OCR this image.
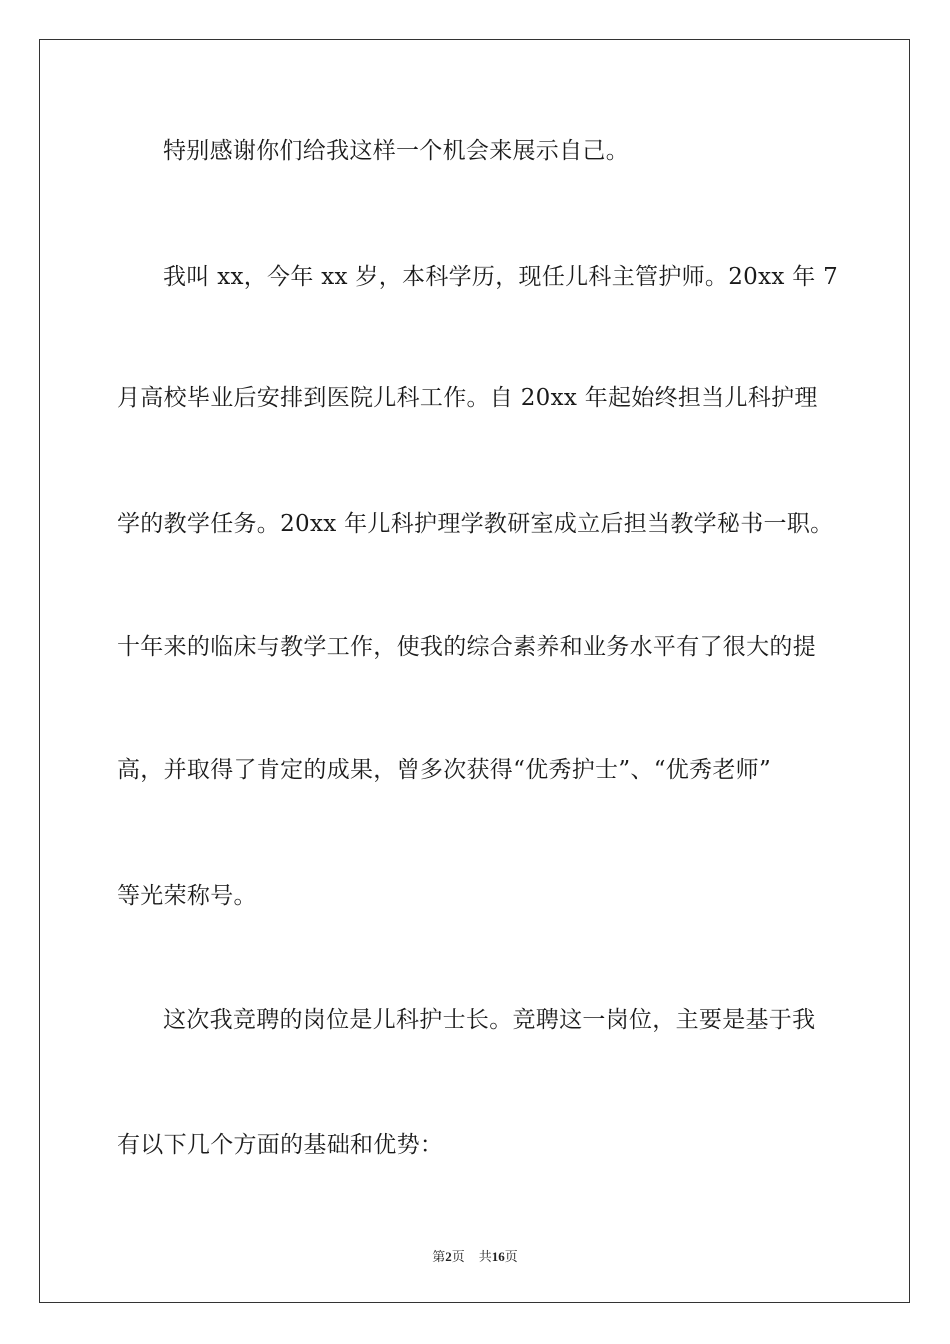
特别感谢你们给我这样一个机会来展示自己。
我叫 xx，今年 xx 岁，本科学历，现任儿科主管护师。20xx 年 7
月高校毕业后安排到医院儿科工作。自 20xx 年起始终担当儿科护理
学的教学任务。20xx 年儿科护理学教研室成立后担当教学秘书一职。
十年来的临床与教学工作，使我的综合素养和业务水平有了很大的提
高，并取得了肯定的成果，曾多次获得“优秀护士”、“优秀老师”
等光荣称号。
这次我竞聘的岗位是儿科护士长。竞聘这一岗位，主要是基于我
有以下几个方面的基础和优势：
第2页 共16页
